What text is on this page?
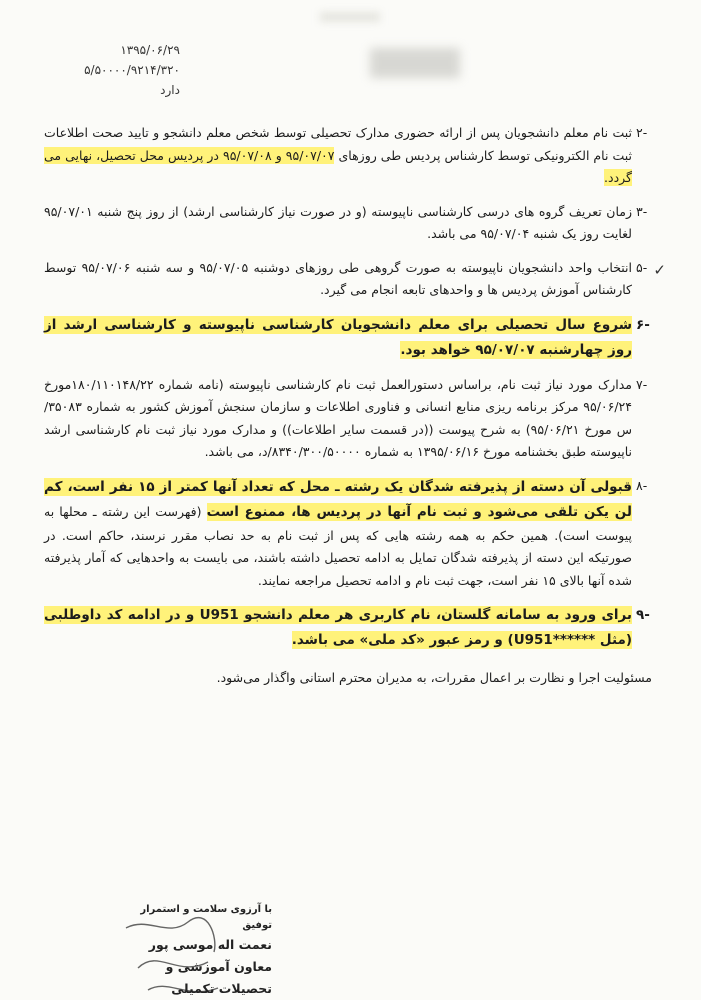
۱۳۹۵/۰۶/۲۹
۵/۵۰۰۰۰/۹۲۱۴/۳۲۰
دارد
-۲
ثبت نام معلم دانشجویان پس از ارائه حضوری مدارک تحصیلی توسط شخص معلم دانشجو و تایید صحت اطلاعات ثبت نام الکترونیکی توسط کارشناس پردیس طی روزهای ۹۵/۰۷/۰۷ و ۹۵/۰۷/۰۸ در پردیس محل تحصیل، نهایی می گردد.
-۳
زمان تعریف گروه های درسی کارشناسی ناپیوسته (و در صورت نیاز کارشناسی ارشد) از روز پنج شنبه ۹۵/۰۷/۰۱ لغایت روز یک شنبه ۹۵/۰۷/۰۴ می باشد.
✓
-۵
انتخاب واحد دانشجویان ناپیوسته به صورت گروهی طی روزهای دوشنبه ۹۵/۰۷/۰۵ و سه شنبه ۹۵/۰۷/۰۶ توسط کارشناس آموزش پردیس ها و واحدهای تابعه انجام می گیرد.
-۶
شروع سال تحصیلی برای معلم دانشجویان کارشناسی ناپیوسته و کارشناسی ارشد از روز چهارشنبه ۹۵/۰۷/۰۷ خواهد بود.
-۷
مدارک مورد نیاز ثبت نام، براساس دستورالعمل ثبت نام کارشناسی ناپیوسته (نامه شماره ۱۸۰/۱۱۰۱۴۸/۲۲مورخ ۹۵/۰۶/۲۴ مرکز برنامه ریزی منابع انسانی و فناوری اطلاعات و سازمان سنجش آموزش کشور به شماره ۳۵۰۸۳/س مورخ ۹۵/۰۶/۲۱) به شرح پیوست ((در قسمت سایر اطلاعات)) و مدارک مورد نیاز ثبت نام کارشناسی ارشد ناپیوسته طبق بخشنامه مورخ ۱۳۹۵/۰۶/۱۶ به شماره ۸۳۴۰/۳۰۰/۵۰۰۰۰/د، می باشد.
-۸
قبولی آن دسته از پذیرفته شدگان یک رشته ـ محل که تعداد آنها کمتر از ۱۵ نفر است، کم لن یکن تلقی می‌شود و ثبت نام آنها در پردیس ها، ممنوع است (فهرست این رشته ـ محلها به پیوست است). همین حکم به همه رشته هایی که پس از ثبت نام به حد نصاب مقرر نرسند، حاکم است. در صورتیکه این دسته از پذیرفته شدگان تمایل به ادامه تحصیل داشته باشند، می بایست به واحدهایی که آمار پذیرفته شده آنها بالای ۱۵ نفر است، جهت ثبت نام و ادامه تحصیل مراجعه نمایند.
-۹
برای ورود به سامانه گلستان، نام کاربری هر معلم دانشجو U951 و در ادامه کد داوطلبی (مثل ******U951) و رمز عبور «کد ملی» می باشد.
مسئولیت اجرا و نظارت بر اعمال مقررات، به مدیران محترم استانی واگذار می‌شود.
با آرزوی سلامت و استمرار توفیق
نعمت اله موسی پور
معاون آموزشی و تحصیلات تکمیلی
